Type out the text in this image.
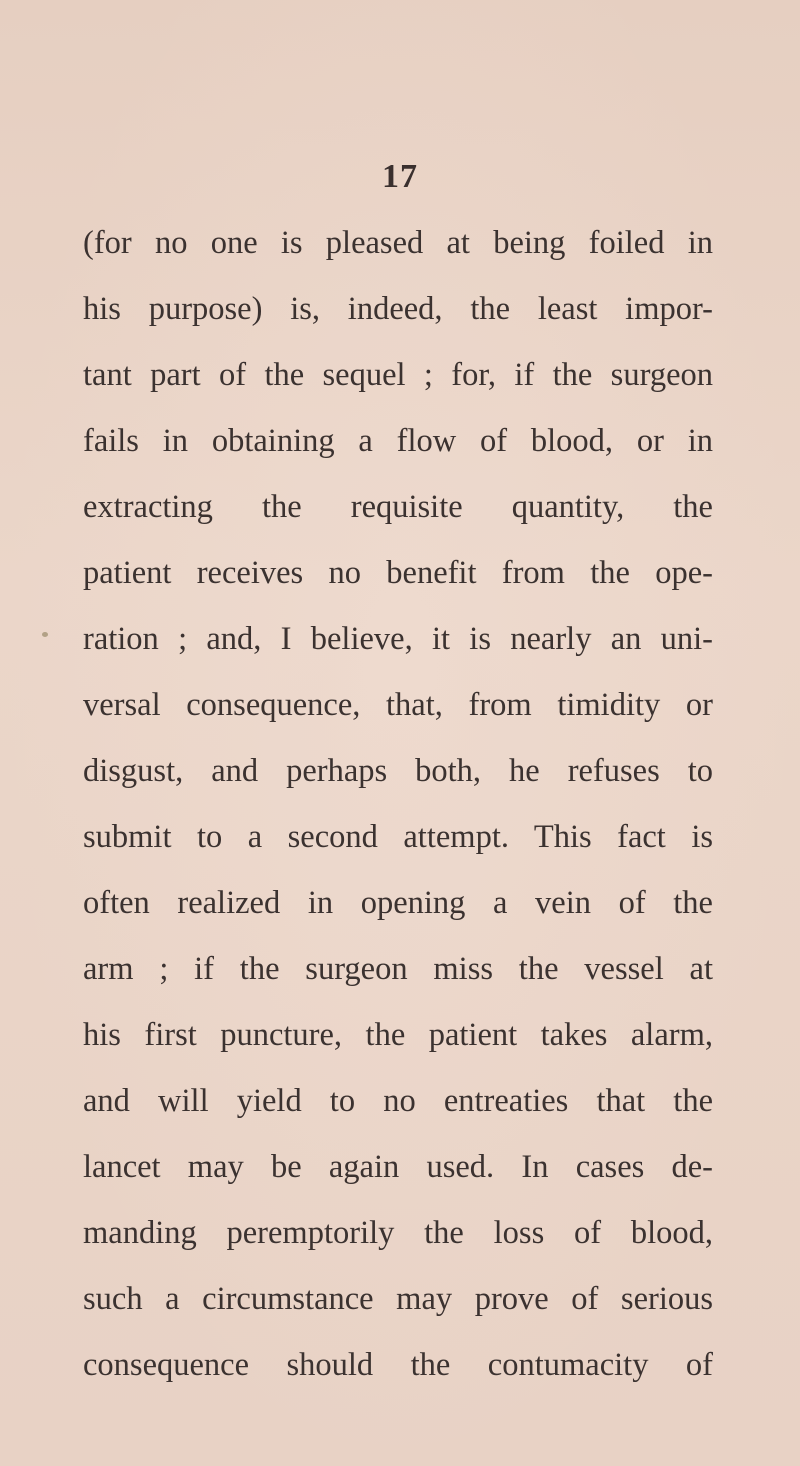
17
(for no one is pleased at being foiled in
his purpose) is, indeed, the least impor-
tant part of the sequel ; for, if the surgeon
fails in obtaining a flow of blood, or in
extracting the requisite quantity, the
patient receives no benefit from the ope-
ration ; and, I believe, it is nearly an uni-
versal consequence, that, from timidity or
disgust, and perhaps both, he refuses to
submit to a second attempt. This fact is
often realized in opening a vein of the
arm ; if the surgeon miss the vessel at
his first puncture, the patient takes alarm,
and will yield to no entreaties that the
lancet may be again used. In cases de-
manding peremptorily the loss of blood,
such a circumstance may prove of serious
consequence should the contumacity of
